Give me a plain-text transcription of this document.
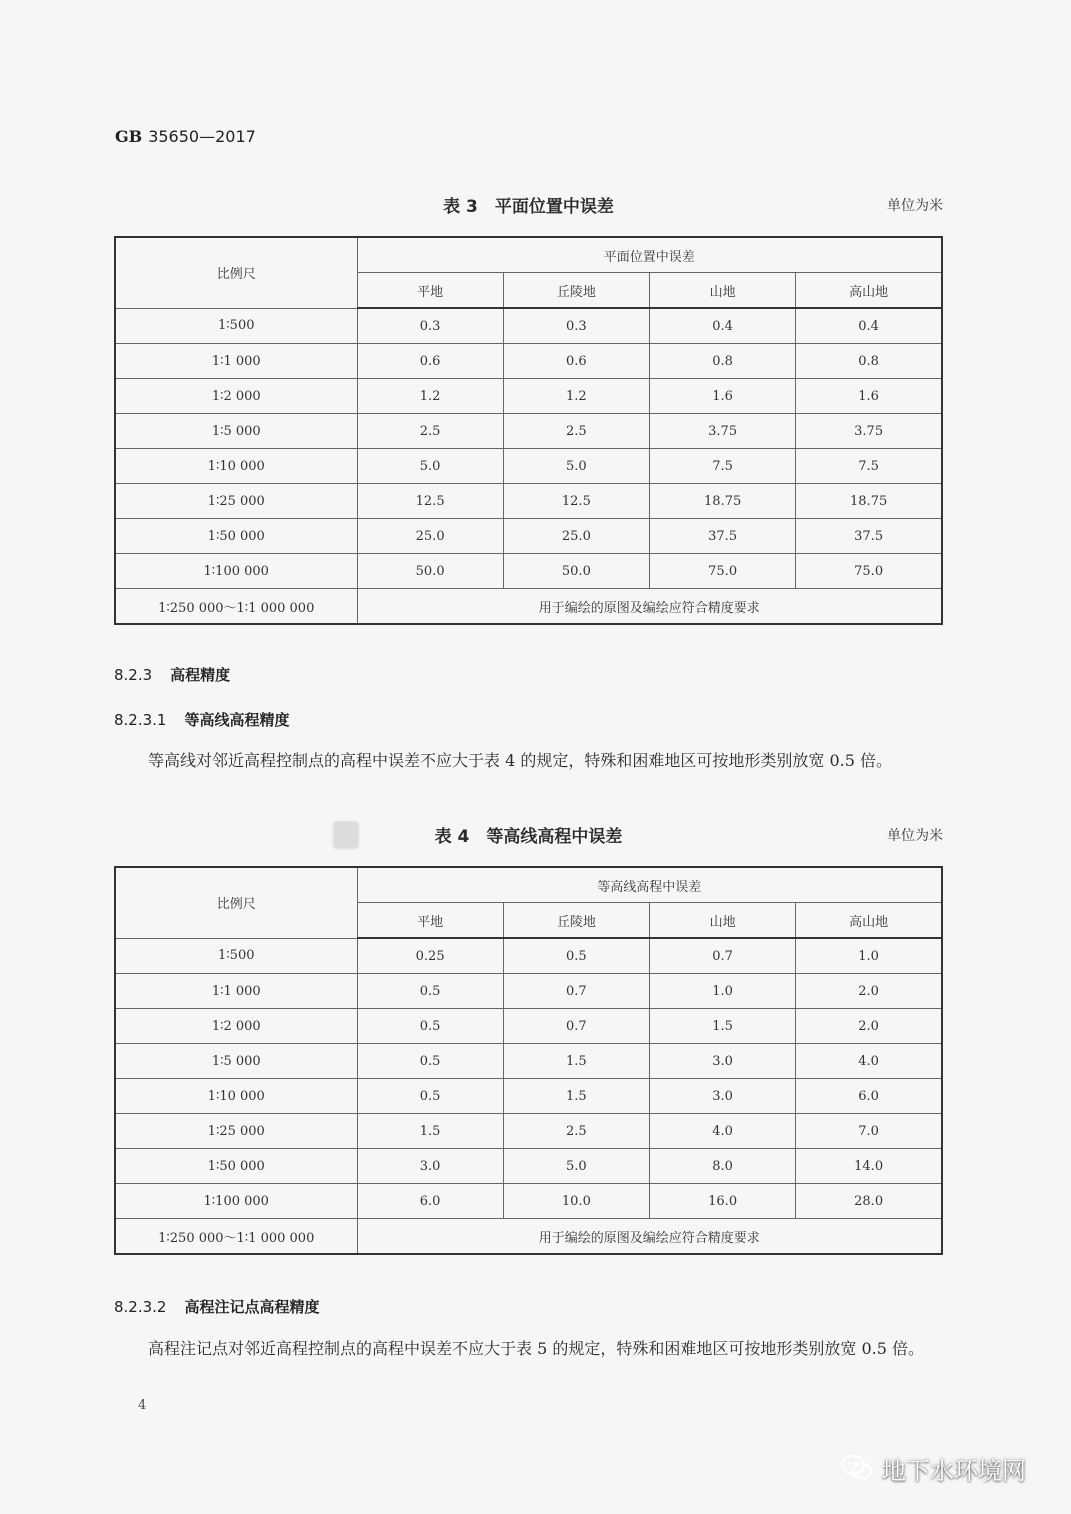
GB 35650—2017
表 3　平面位置中误差	单位为米
比例尺	平面位置中误差			
	平地	丘陵地	山地	高山地
1∶500	0.3	0.3	0.4	0.4
1∶1 000	0.6	0.6	0.8	0.8
1∶2 000	1.2	1.2	1.6	1.6
1∶5 000	2.5	2.5	3.75	3.75
1∶10 000	5.0	5.0	7.5	7.5
1∶25 000	12.5	12.5	18.75	18.75
1∶50 000	25.0	25.0	37.5	37.5
1∶100 000	50.0	50.0	75.0	75.0
1∶250 000～1∶1 000 000	用于编绘的原图及编绘应符合精度要求			
8.2.3 高程精度
8.2.3.1 等高线高程精度
等高线对邻近高程控制点的高程中误差不应大于表 4 的规定，特殊和困难地区可按地形类别放宽 0.5 倍。
表 4　等高线高程中误差	单位为米
比例尺	等高线高程中误差			
	平地	丘陵地	山地	高山地
1∶500	0.25	0.5	0.7	1.0
1∶1 000	0.5	0.7	1.0	2.0
1∶2 000	0.5	0.7	1.5	2.0
1∶5 000	0.5	1.5	3.0	4.0
1∶10 000	0.5	1.5	3.0	6.0
1∶25 000	1.5	2.5	4.0	7.0
1∶50 000	3.0	5.0	8.0	14.0
1∶100 000	6.0	10.0	16.0	28.0
1∶250 000～1∶1 000 000	用于编绘的原图及编绘应符合精度要求			
8.2.3.2 高程注记点高程精度
高程注记点对邻近高程控制点的高程中误差不应大于表 5 的规定，特殊和困难地区可按地形类别放宽 0.5 倍。
4
地下水环境网
